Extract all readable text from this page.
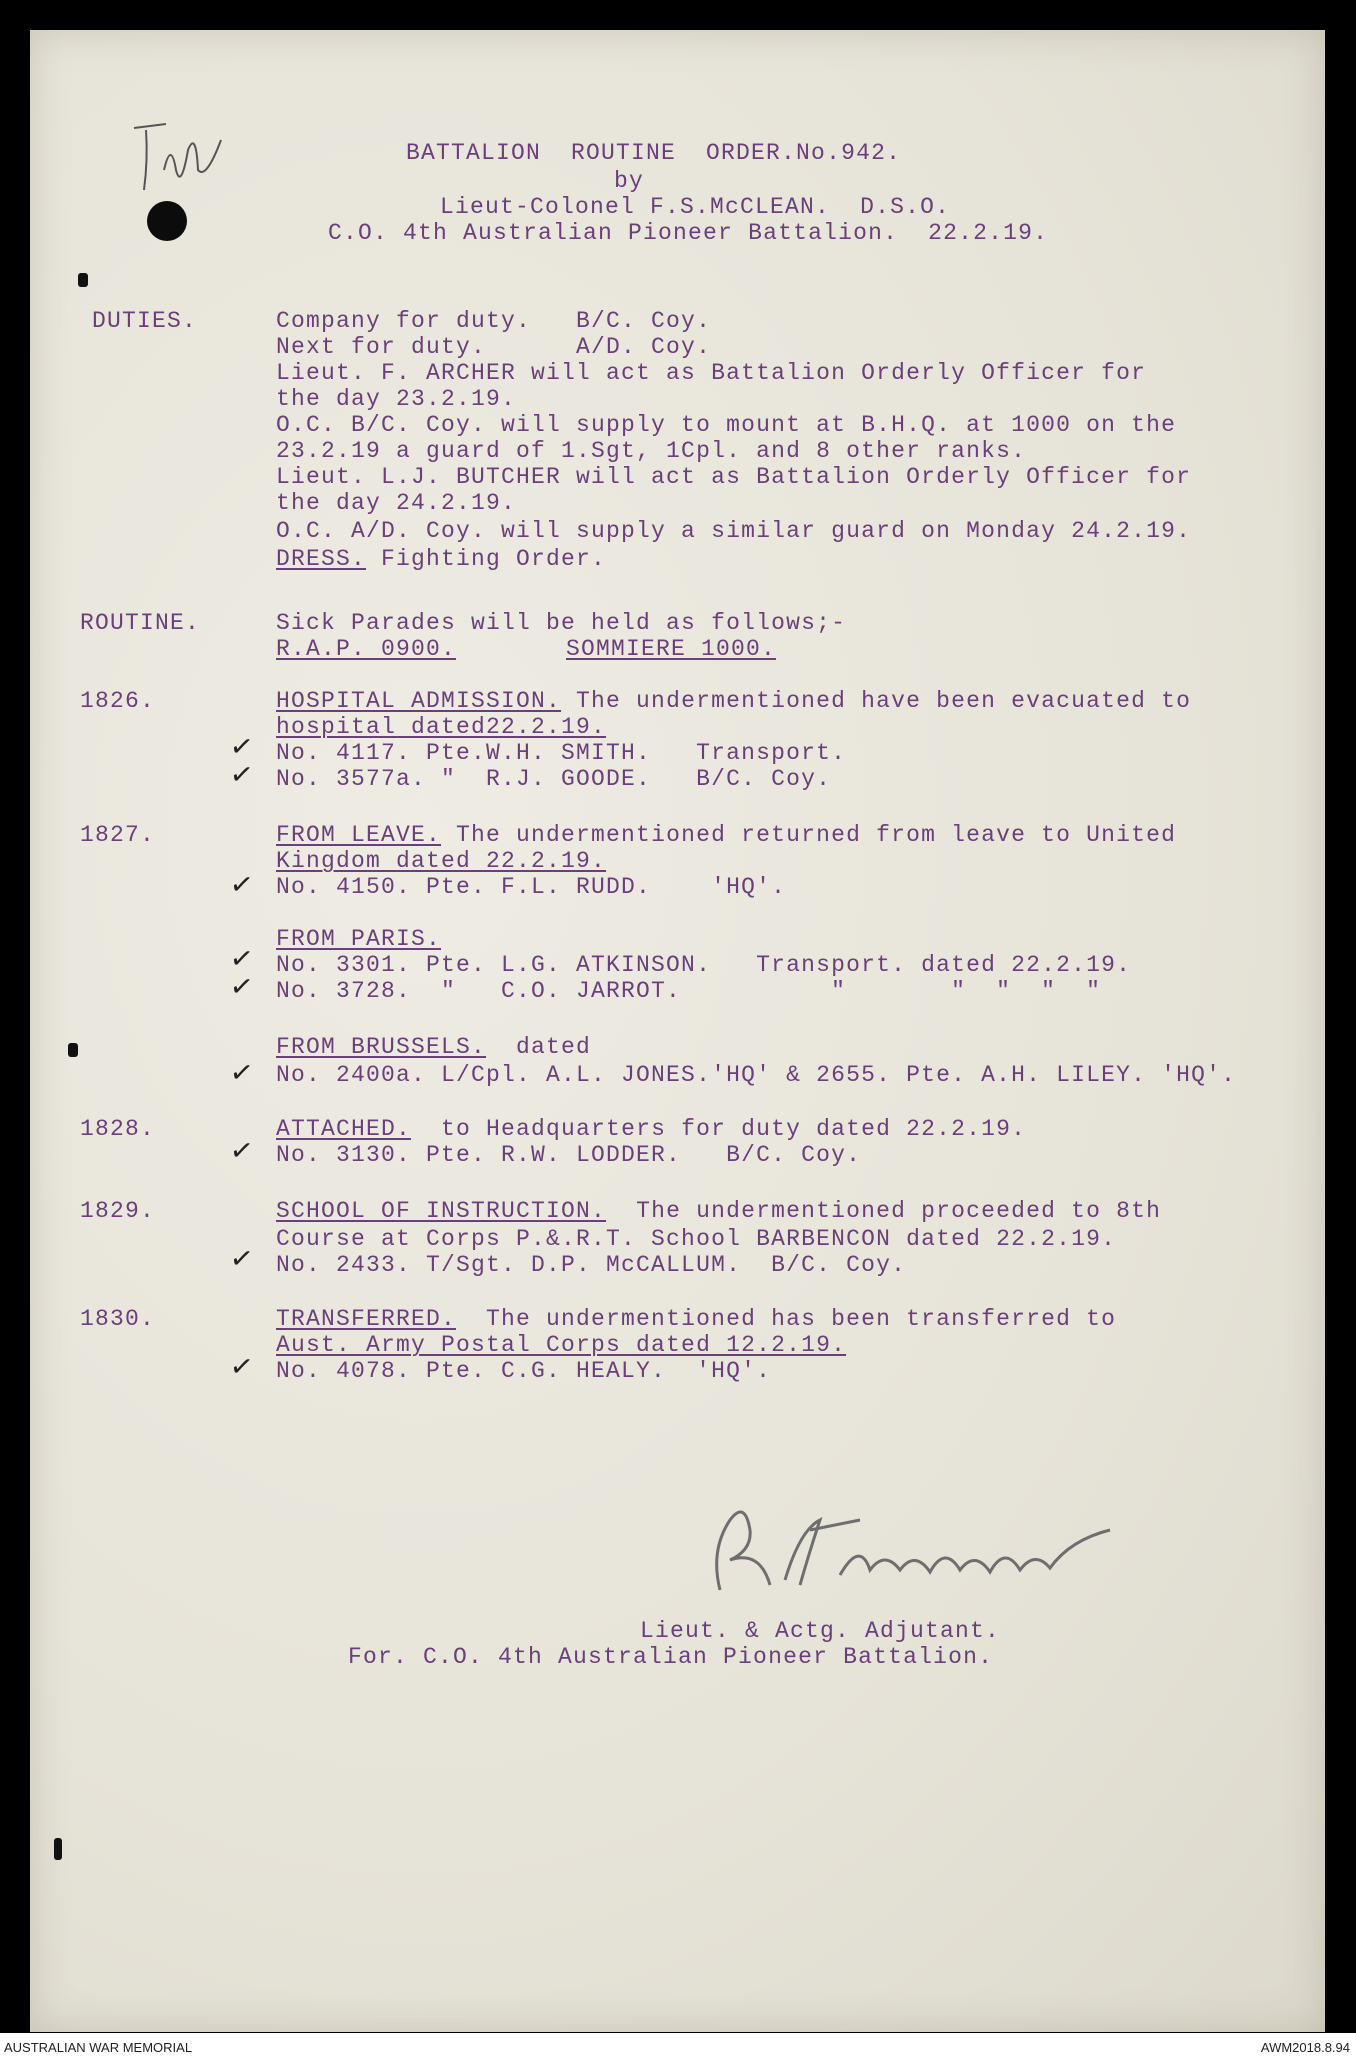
BATTALION  ROUTINE  ORDER.No.942.
by
Lieut-Colonel F.S.McCLEAN.  D.S.O.
C.O. 4th Australian Pioneer Battalion.  22.2.19.
DUTIES.	Company for duty.   B/C. Coy.
Next for duty.      A/D. Coy.
Lieut. F. ARCHER will act as Battalion Orderly Officer for
the day 23.2.19.
O.C. B/C. Coy. will supply to mount at B.H.Q. at 1000 on the
23.2.19 a guard of 1.Sgt, 1Cpl. and 8 other ranks.
Lieut. L.J. BUTCHER will act as Battalion Orderly Officer for
the day 24.2.19.
O.C. A/D. Coy. will supply a similar guard on Monday 24.2.19.
DRESS. Fighting Order.
ROUTINE.	Sick Parades will be held as follows;-
R.A.P. 0900.	SOMMIERE 1000.
1826.	HOSPITAL ADMISSION. The undermentioned have been evacuated to
hospital dated22.2.19.
✓ No. 4117. Pte.W.H. SMITH.   Transport.
✓ No. 3577a. "  R.J. GOODE.   B/C. Coy.
1827.	FROM LEAVE. The undermentioned returned from leave to United
Kingdom dated 22.2.19.
✓ No. 4150. Pte. F.L. RUDD.    'HQ'.
FROM PARIS.
✓ No. 3301. Pte. L.G. ATKINSON.   Transport. dated 22.2.19.
✓ No. 3728.  "   C.O. JARROT.          "       "  "  "  "
FROM BRUSSELS.  dated
✓ No. 2400a. L/Cpl. A.L. JONES.'HQ' & 2655. Pte. A.H. LILEY. 'HQ'.
1828.	ATTACHED.  to Headquarters for duty dated 22.2.19.
✓ No. 3130. Pte. R.W. LODDER.   B/C. Coy.
1829.	SCHOOL OF INSTRUCTION.  The undermentioned proceeded to 8th
Course at Corps P.&.R.T. School BARBENCON dated 22.2.19.
✓ No. 2433. T/Sgt. D.P. McCALLUM.  B/C. Coy.
1830.	TRANSFERRED.  The undermentioned has been transferred to
Aust. Army Postal Corps dated 12.2.19.
✓ No. 4078. Pte. C.G. HEALY.  'HQ'.
Lieut. & Actg. Adjutant.
For. C.O. 4th Australian Pioneer Battalion.
AUSTRALIAN WAR MEMORIAL	AWM2018.8.94
